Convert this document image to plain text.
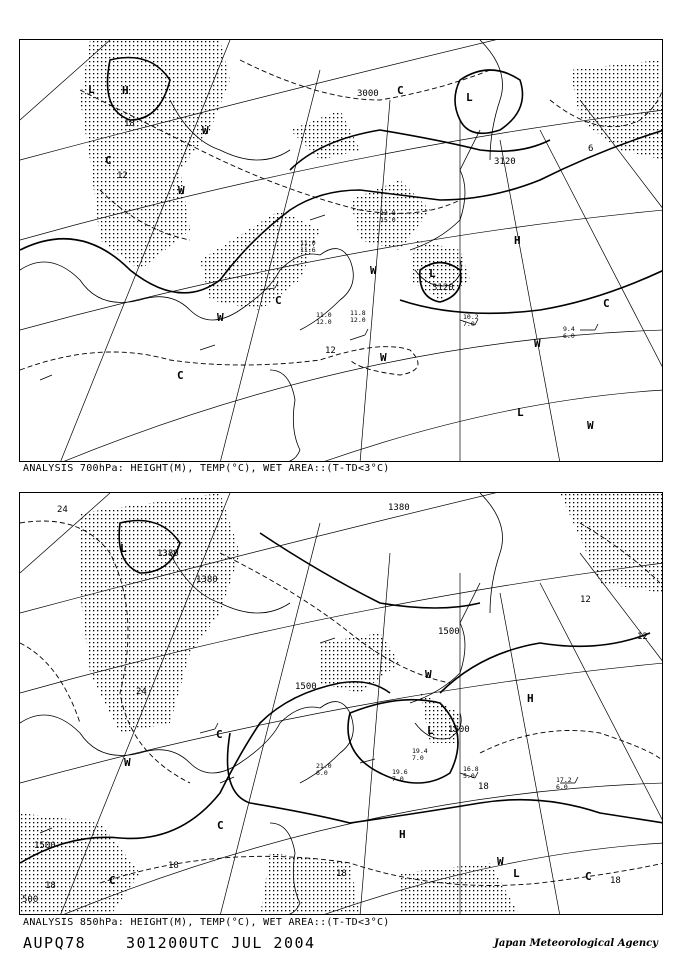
3000
3120
3120
18
12
6
12
L
L
H
H
L
L	C
C
C
C
C
W
W
W
W
W
W
W	10.2
7.0
9.4
6.0
11.8
12.0
11.0
12.0
12.8
15.0
11.0
11.6
ANALYSIS 700hPa: HEIGHT(M), TEMP(°C), WET AREA::(T-TD<3°C)
1380
1380
1380
1500
1500
1500
1500
24
18
12
12
18
18
18
18
24
L
L
L
H
H
C	C
C
C
W
W
W	16.8
5.0	17.2
6.0
19.4
7.0
21.0
6.0	19.6
7.0
500
ANALYSIS 850hPa: HEIGHT(M), TEMP(°C), WET AREA::(T-TD<3°C)
AUPQ78	301200UTC JUL 2004	Japan Meteorological Agency
